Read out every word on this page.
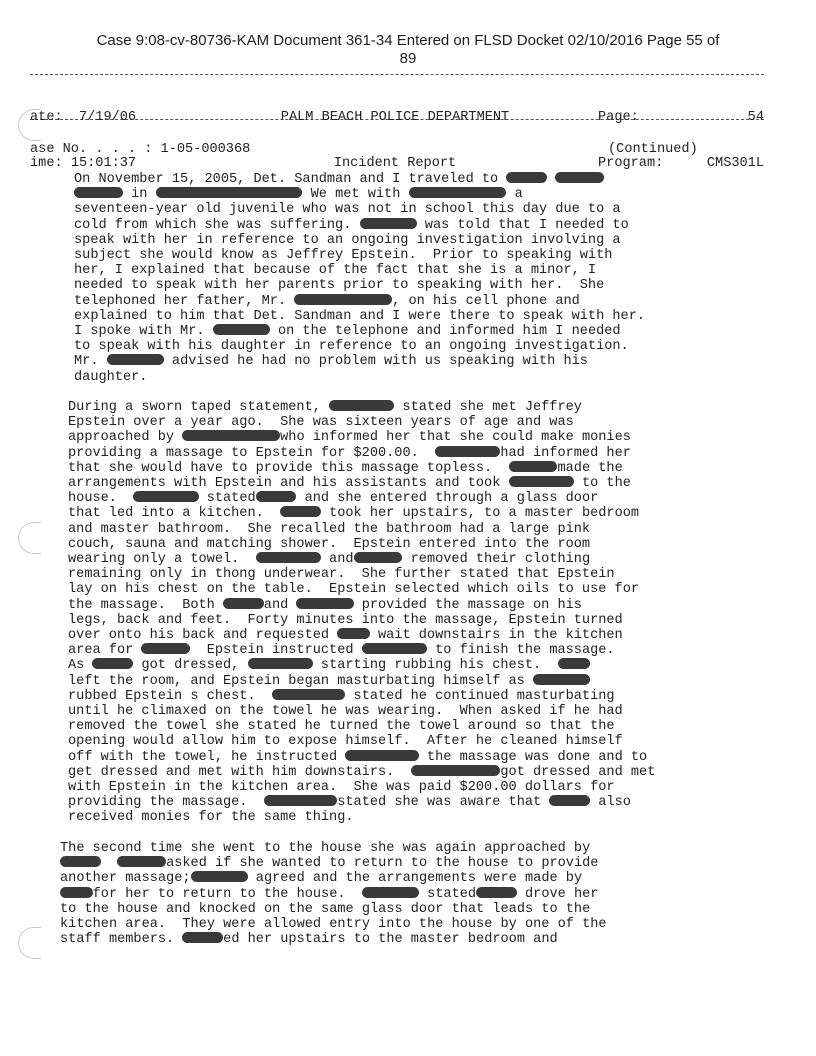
Case 9:08-cv-80736-KAM Document 361-34 Entered on FLSD Docket 02/10/2016 Page 55 of
89

ate: 7/19/06

ime: 15:01:37

PALM BEACH POLICE DEPARTMENT

Incident Report

Page:	54

Program:	CMS301L

ase No. . . . : 1-05-000368	(Continued)
On November 15, 2005, Det. Sandman and I traveled to
in	We met with	a
seventeen-year old juvenile who was not in school this day due to a
cold from which she was suffering.	was told that I needed to
speak with her in reference to an ongoing investigation involving a
subject she would know as Jeffrey Epstein.  Prior to speaking with
her, I explained that because of the fact that she is a minor, I
needed to speak with her parents prior to speaking with her.  She
telephoned her father, Mr.	, on his cell phone and
explained to him that Det. Sandman and I were there to speak with her.
I spoke with Mr.	on the telephone and informed him I needed
to speak with his daughter in reference to an ongoing investigation.
Mr.	advised he had no problem with us speaking with his
daughter.
During a sworn taped statement,	stated she met Jeffrey
Epstein over a year ago.  She was sixteen years of age and was
approached by	who informed her that she could make monies
providing a massage to Epstein for $200.00.	had informed her
that she would have to provide this massage topless.	made the
arrangements with Epstein and his assistants and took	to the
house.	stated	and she entered through a glass door
that led into a kitchen.	took her upstairs, to a master bedroom
and master bathroom.  She recalled the bathroom had a large pink
couch, sauna and matching shower.  Epstein entered into the room
wearing only a towel.	and	removed their clothing
remaining only in thong underwear.  She further stated that Epstein
lay on his chest on the table.  Epstein selected which oils to use for
the massage.  Both	and	provided the massage on his
legs, back and feet.  Forty minutes into the massage, Epstein turned
over onto his back and requested  wait downstairs in the kitchen
area for	Epstein instructed	to finish the massage.
As	got dressed,	starting rubbing his chest.
left the room, and Epstein began masturbating himself as
rubbed Epstein s chest.	stated he continued masturbating
until he climaxed on the towel he was wearing.  When asked if he had
removed the towel she stated he turned the towel around so that the
opening would allow him to expose himself.  After he cleaned himself
off with the towel, he instructed	the massage was done and to
get dressed and met with him downstairs.	got dressed and met
with Epstein in the kitchen area.  She was paid $200.00 dollars for
providing the massage.	stated she was aware that	also
received monies for the same thing.
The second time she went to the house she was again approached by
asked if she wanted to return to the house to provide
another massage;	agreed and the arrangements were made by
for her to return to the house.	stated	drove her
to the house and knocked on the same glass door that leads to the
kitchen area.  They were allowed entry into the house by one of the
staff members.	ed her upstairs to the master bedroom and
